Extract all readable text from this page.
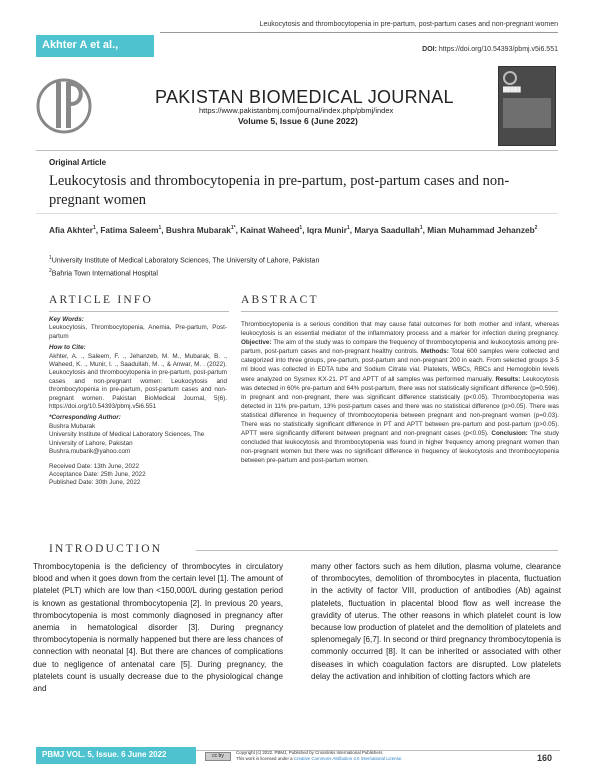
Akhter A et al.,
Leukocytosis and thrombocytopenia in pre-partum, post-partum cases and non-pregnant women
DOI: https://doi.org/10.54393/pbmj.v5i6.551
PAKISTAN BIOMEDICAL JOURNAL
https://www.pakistanbmj.com/journal/index.php/pbmj/index
Volume 5, Issue 6 (June 2022)
█████
Original Article
Leukocytosis and thrombocytopenia in pre-partum, post-partum cases and non-pregnant women
Afia Akhter$^1$, Fatima Saleem$^1$, Bushra Mubarak$^{1*}$, Kainat Waheed$^1$, Iqra Munir$^1$, Marya Saadullah$^1$, Mian Muhammad Jehanzeb$^2$
$^1$University Institute of Medical Laboratory Sciences, The University of Lahore, Pakistan
$^2$Bahria Town International Hospital
ARTICLE INFO	ABSTRACT
Key Words:
Leukocytosis, Thrombocytopenia, Anemia, Pre-partum, Post-partum
How to Cite:
Akhter, A. ., Saleem, F. ., Jehanzeb, M. M., Mubarak, B. ., Waheed, K. ., Munir, I. ., Saadullah, M. ., & Anwar, M. . (2022). Leukocytosis and thrombocytopenia in pre-partum, post-partum cases and non-pregnant women: Leukocytosis and thrombocytopenia in pre-partum, post-partum cases and non-pregnant women. Pakistan BioMedical Journal, 5(6). https://doi.org/10.54393/pbmj.v5i6.551
*Corresponding Author:
Bushra Mubarak
University Institute of Medical Laboratory Sciences, The University of Lahore, Pakistan
Bushra.mubarik@yahoo.com
Received Date: 13th June, 2022
Acceptance Date: 25th June, 2022
Published Date: 30th June, 2022
Thrombocytopenia is a serious condition that may cause fatal outcomes for both mother and infant, whereas leukocytosis is an essential mediator of the inflammatory process and a marker for infection during pregnancy. Objective: The aim of the study was to compare the frequency of thrombocytopenia and leukocytosis among pre-partum, post-partum cases and non-pregnant healthy controls. Methods: Total 600 samples were collected and categorized into three groups, pre-partum, post-partum and non-pregnant 200 in each. From selected groups 3-5 ml blood was collected in EDTA tube and Sodium Citrate vial. Platelets, WBCs, RBCs and Hemoglobin levels were analyzed on Sysmex KX-21. PT and APTT of all samples was performed manually. Results: Leukocytosis was detected in 60% pre-partum and 64% post-partum, there was not statistically significant difference (p=0.596). In pregnant and non-pregnant, there was significant difference statistically (p<0.05). Thrombocytopenia was detected in 11% pre-partum, 13% post-partum cases and there was no statistical difference (p>0.05). There was statistical difference in frequency of thrombocytopenia between pregnant and non-pregnant women (p=0.03). There was no statistically significant difference in PT and APTT between pre-partum and post-partum (p>0.05). APTT were significantly different between pregnant and non-pregnant cases (p<0.05). Conclusion: The study concluded that leukocytosis and thrombocytopenia was found in higher frequency among pregnant women than non-pregnant women but there was no significant difference in frequency of leukocytosis and thrombocytopenia between pre-partum and post-partum women.
INTRODUCTION
Thrombocytopenia is the deficiency of thrombocytes in circulatory blood and when it goes down from the certain level [1]. The amount of platelet (PLT) which are low than <150,000/L during gestation period is known as gestational thrombocytopenia [2]. In previous 20 years, thrombocytopenia is most commonly diagnosed in pregnancy after anemia in hematological disorder [3]. During pregnancy thrombocytopenia is normally happened but there are less chances of connection with neonatal [4]. But there are chances of complications due to negligence of antenatal care [5]. During pregnancy, the platelets count is usually decrease due to the physiological change and
many other factors such as hem dilution, plasma volume, clearance of thrombocytes, demolition of thrombocytes in placenta, fluctuation in the activity of factor VIII, production of antibodies (Ab) against platelets, fluctuation in placental blood flow as well increase the gravidity of uterus. The other reasons in which platelet count is low because low production of platelet and the demolition of platelets and splenomegaly [6,7]. In second or third pregnancy thrombocytopenia is commonly occurred [8]. It can be inherited or associated with other diseases in which coagulation factors are disrupted. Low platelets delay the activation and inhibition of clotting factors which are
PBMJ VOL. 5, Issue. 6 June 2022	cc by
Copyright (c) 2022. PBMJ, Published by Crosslinks International Publishers
This work is licensed under a Creative Commons Attribution 4.0 International License.	160
